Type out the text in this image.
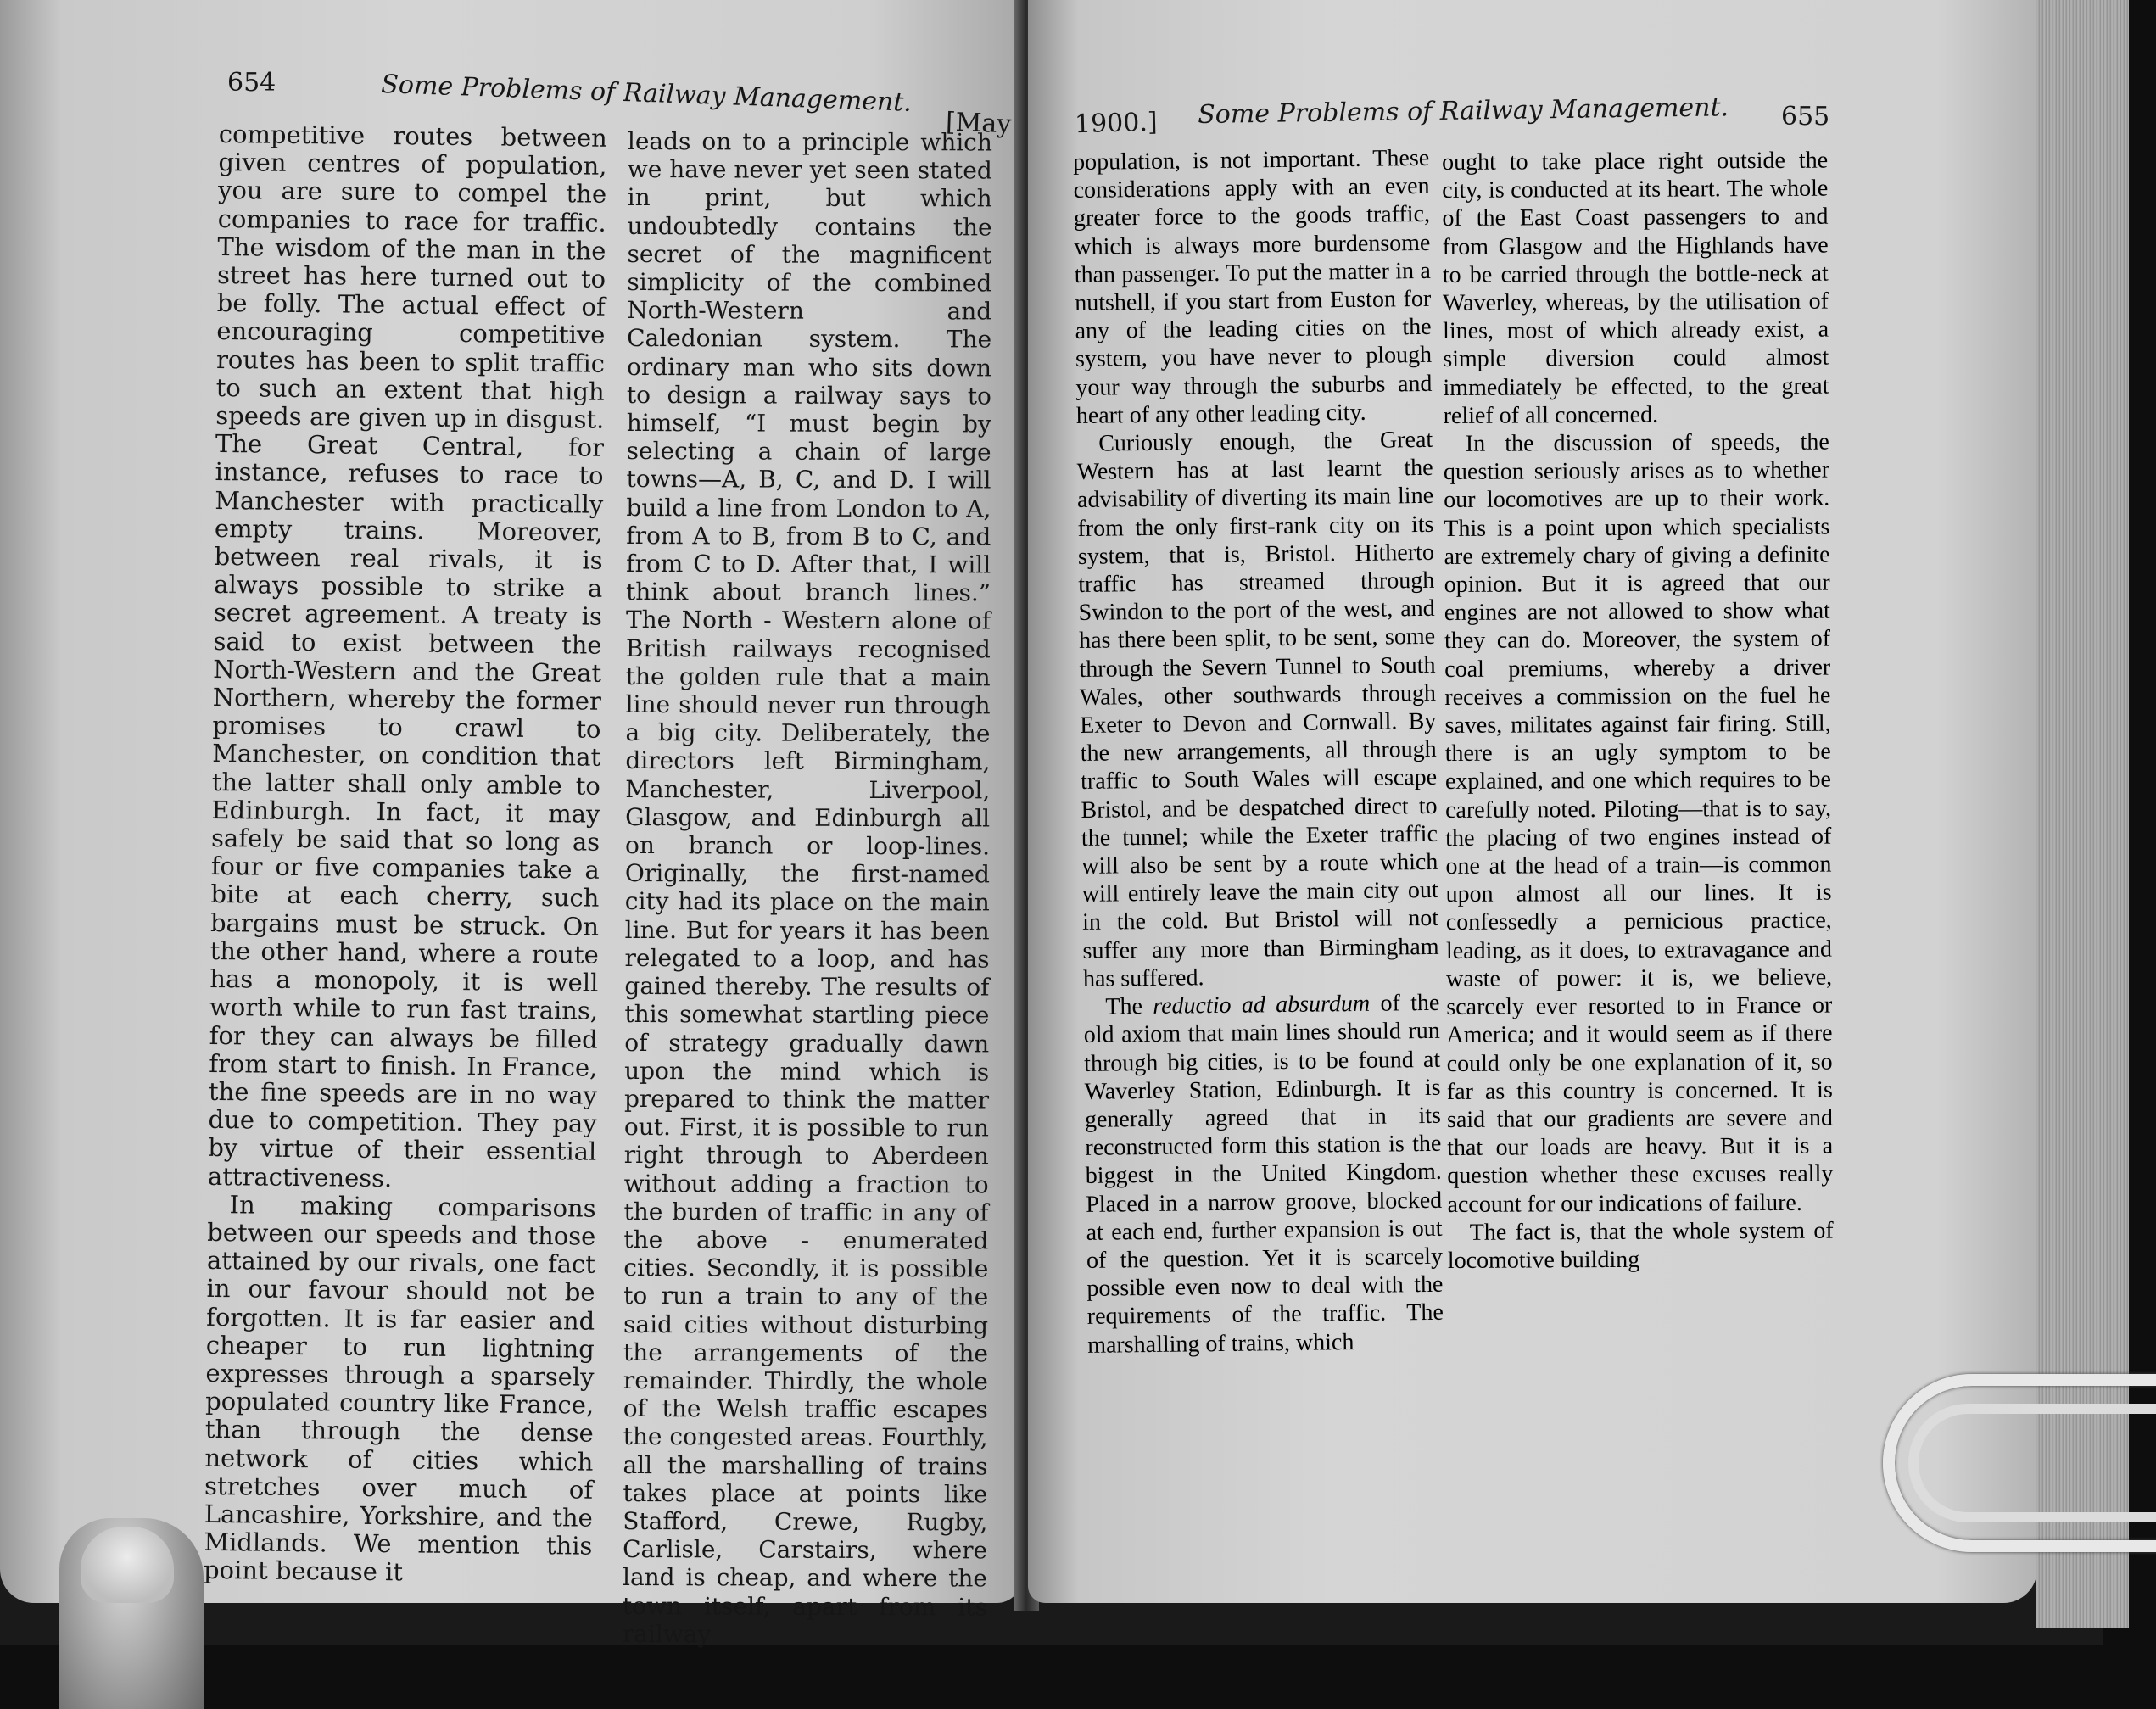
654	Some Problems of Railway Management.
[May

competitive routes between given centres of population, you are sure to compel the companies to race for traffic. The wisdom of the man in the street has here turned out to be folly. The actual effect of encouraging competitive routes has been to split traffic to such an extent that high speeds are given up in disgust. The Great Central, for instance, refuses to race to Manchester with practically empty trains. Moreover, between real rivals, it is always possible to strike a secret agreement. A treaty is said to exist between the North-Western and the Great Northern, whereby the former promises to crawl to Manchester, on condition that the latter shall only amble to Edinburgh. In fact, it may safely be said that so long as four or five companies take a bite at each cherry, such bargains must be struck. On the other hand, where a route has a monopoly, it is well worth while to run fast trains, for they can always be filled from start to finish. In France, the fine speeds are in no way due to competition. They pay by virtue of their essential attractiveness.

In making comparisons between our speeds and those attained by our rivals, one fact in our favour should not be forgotten. It is far easier and cheaper to run lightning expresses through a sparsely populated country like France, than through the dense network of cities which stretches over much of Lancashire, Yorkshire, and the Midlands. We mention this point because it

leads on to a principle which we have never yet seen stated in print, but which undoubtedly contains the secret of the magnificent simplicity of the combined North-Western and Caledonian system. The ordinary man who sits down to design a railway says to himself, “I must begin by selecting a chain of large towns—A, B, C, and D. I will build a line from London to A, from A to B, from B to C, and from C to D. After that, I will think about branch lines.” The North - Western alone of British railways recognised the golden rule that a main line should never run through a big city. Deliberately, the directors left Birmingham, Manchester, Liverpool, Glasgow, and Edinburgh all on branch or loop-lines. Originally, the first-named city had its place on the main line. But for years it has been relegated to a loop, and has gained thereby. The results of this somewhat startling piece of strategy gradually dawn upon the mind which is prepared to think the matter out. First, it is possible to run right through to Aberdeen without adding a fraction to the burden of traffic in any of the above - enumerated cities. Secondly, it is possible to run a train to any of the said cities without disturbing the arrangements of the remainder. Thirdly, the whole of the Welsh traffic escapes the congested areas. Fourthly, all the marshalling of trains takes place at points like Stafford, Crewe, Rugby, Carlisle, Carstairs, where land is cheap, and where the town itself, apart from its railway

1900.] Some Problems of Railway Management. 655

population, is not important. These considerations apply with an even greater force to the goods traffic, which is always more burdensome than passenger. To put the matter in a nutshell, if you start from Euston for any of the leading cities on the system, you have never to plough your way through the suburbs and heart of any other leading city.

Curiously enough, the Great Western has at last learnt the advisability of diverting its main line from the only first-rank city on its system, that is, Bristol. Hitherto traffic has streamed through Swindon to the port of the west, and has there been split, to be sent, some through the Severn Tunnel to South Wales, other southwards through Exeter to Devon and Cornwall. By the new arrangements, all through traffic to South Wales will escape Bristol, and be despatched direct to the tunnel; while the Exeter traffic will also be sent by a route which will entirely leave the main city out in the cold. But Bristol will not suffer any more than Birmingham has suffered.

The reductio ad absurdum of the old axiom that main lines should run through big cities, is to be found at Waverley Station, Edinburgh. It is generally agreed that in its reconstructed form this station is the biggest in the United Kingdom. Placed in a narrow groove, blocked at each end, further expansion is out of the question. Yet it is scarcely possible even now to deal with the requirements of the traffic. The marshalling of trains, which

ought to take place right outside the city, is conducted at its heart. The whole of the East Coast passengers to and from Glasgow and the Highlands have to be carried through the bottle-neck at Waverley, whereas, by the utilisation of lines, most of which already exist, a simple diversion could almost immediately be effected, to the great relief of all concerned.

In the discussion of speeds, the question seriously arises as to whether our locomotives are up to their work. This is a point upon which specialists are extremely chary of giving a definite opinion. But it is agreed that our engines are not allowed to show what they can do. Moreover, the system of coal premiums, whereby a driver receives a commission on the fuel he saves, militates against fair firing. Still, there is an ugly symptom to be explained, and one which requires to be carefully noted. Piloting—that is to say, the placing of two engines instead of one at the head of a train—is common upon almost all our lines. It is confessedly a pernicious practice, leading, as it does, to extravagance and waste of power: it is, we believe, scarcely ever resorted to in France or America; and it would seem as if there could only be one explanation of it, so far as this country is concerned. It is said that our gradients are severe and that our loads are heavy. But it is a question whether these excuses really account for our indications of failure.

The fact is, that the whole system of locomotive building
